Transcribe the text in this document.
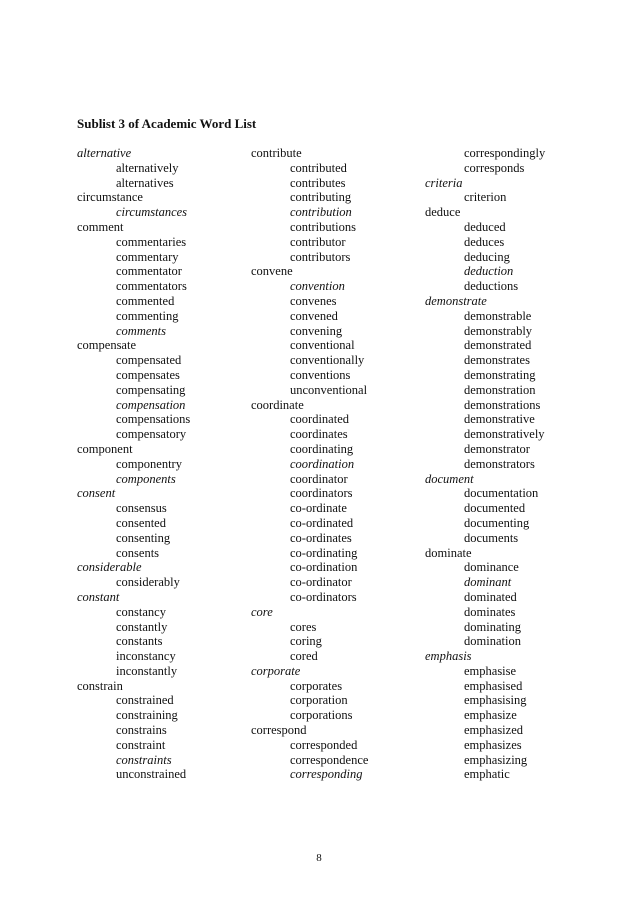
Sublist 3 of Academic Word List
alternative
alternatively
alternatives
circumstance
circumstances
comment
commentaries
commentary
commentator
commentators
commented
commenting
comments
compensate
compensated
compensates
compensating
compensation
compensations
compensatory
component
componentry
components
consent
consensus
consented
consenting
consents
considerable
considerably
constant
constancy
constantly
constants
inconstancy
inconstantly
constrain
constrained
constraining
constrains
constraint
constraints
unconstrained
contribute
contributed
contributes
contributing
contribution
contributions
contributor
contributors
convene
convention
convenes
convened
convening
conventional
conventionally
conventions
unconventional
coordinate
coordinated
coordinates
coordinating
coordination
coordinator
coordinators
co-ordinate
co-ordinated
co-ordinates
co-ordinating
co-ordination
co-ordinator
co-ordinators
core
cores
coring
cored
corporate
corporates
corporation
corporations
correspond
corresponded
correspondence
corresponding
correspondingly
corresponds
criteria
criterion
deduce
deduced
deduces
deducing
deduction
deductions
demonstrate
demonstrable
demonstrably
demonstrated
demonstrates
demonstrating
demonstration
demonstrations
demonstrative
demonstratively
demonstrator
demonstrators
document
documentation
documented
documenting
documents
dominate
dominance
dominant
dominated
dominates
dominating
domination
emphasis
emphasise
emphasised
emphasising
emphasize
emphasized
emphasizes
emphasizing
emphatic
8
